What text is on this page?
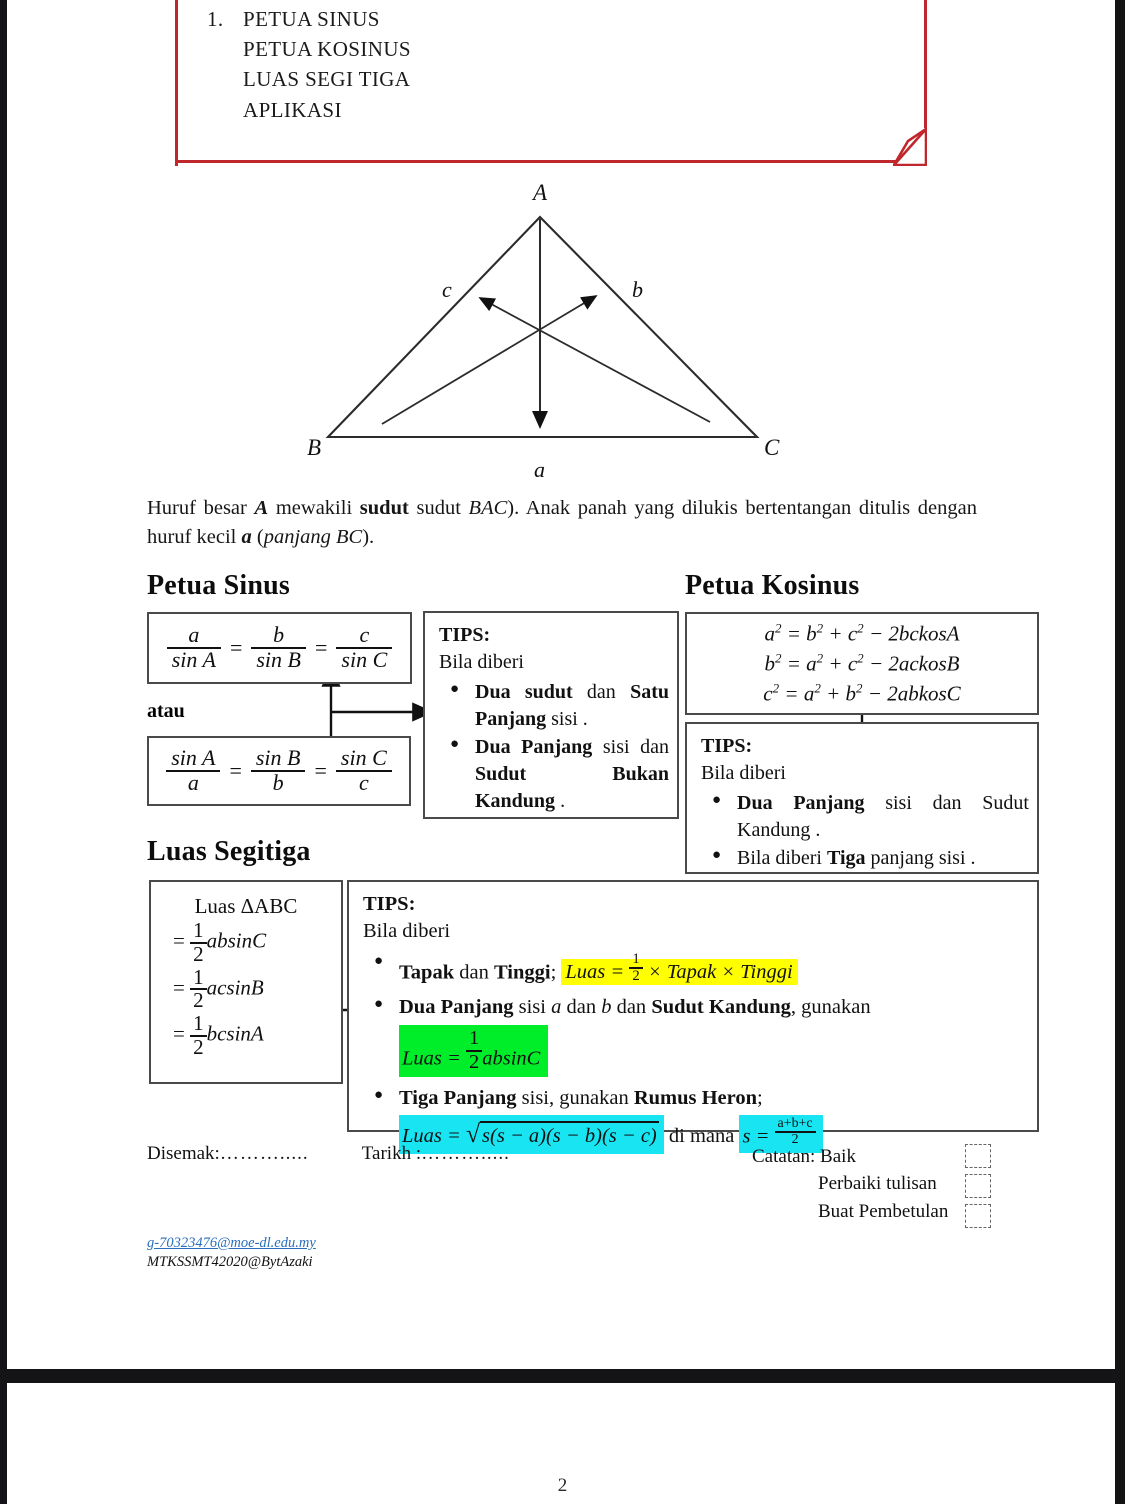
1. PETUA SINUS
PETUA KOSINUS
LUAS SEGI TIGA
APLIKASI
A
B	C
a
b
c
Huruf besar A mewakili sudut sudut BAC). Anak panah yang dilukis bertentangan ditulis dengan huruf kecil a (panjang BC).
Petua Sinus	Petua Kosinus
Luas Segitiga
$\frac{a}{\text{sin A}} = \frac{b}{\text{sin B}} = \frac{c}{\text{sin C}}$
atau
$\frac{\text{sin A}}{a} = \frac{\text{sin B}}{b} = \frac{\text{sin C}}{c}$
TIPS:
Bila diberi
● Dua sudut dan Satu Panjang sisi .
● Dua Panjang sisi dan Sudut Bukan Kandung .
$a^2 = b^2 + c^2$ − 2bckosA
$b^2 = a^2 + c^2$ − 2ackosB
$c^2 = a^2 + b^2$ − 2abkosC
TIPS:
Bila diberi
● Dua Panjang sisi dan Sudut Kandung .
● Bila diberi Tiga panjang sisi .
Luas ΔABC
= $\frac{1}{2}$ absinC
= $\frac{1}{2}$ acsinB
= $\frac{1}{2}$ bcsinA
TIPS:
Bila diberi
● Tapak dan Tinggi; Luas = $\frac{1}{2}$ × Tapak × Tinggi
● Dua Panjang sisi a dan b dan Sudut Kandung, gunakan
Luas = $\frac{1}{2}$ absinC
● Tiga Panjang sisi, gunakan Rumus Heron;
Luas = √s(s − a)(s − b)(s − c) di mana $s = \frac{a+b+c}{2}$
Disemak:……….....	Tarikh :……….....	Catatan: Baik
Perbaiki tulisan
Buat Pembetulan
g-70323476@moe-dl.edu.my
MTKSSMT42020@BytAzaki
2
